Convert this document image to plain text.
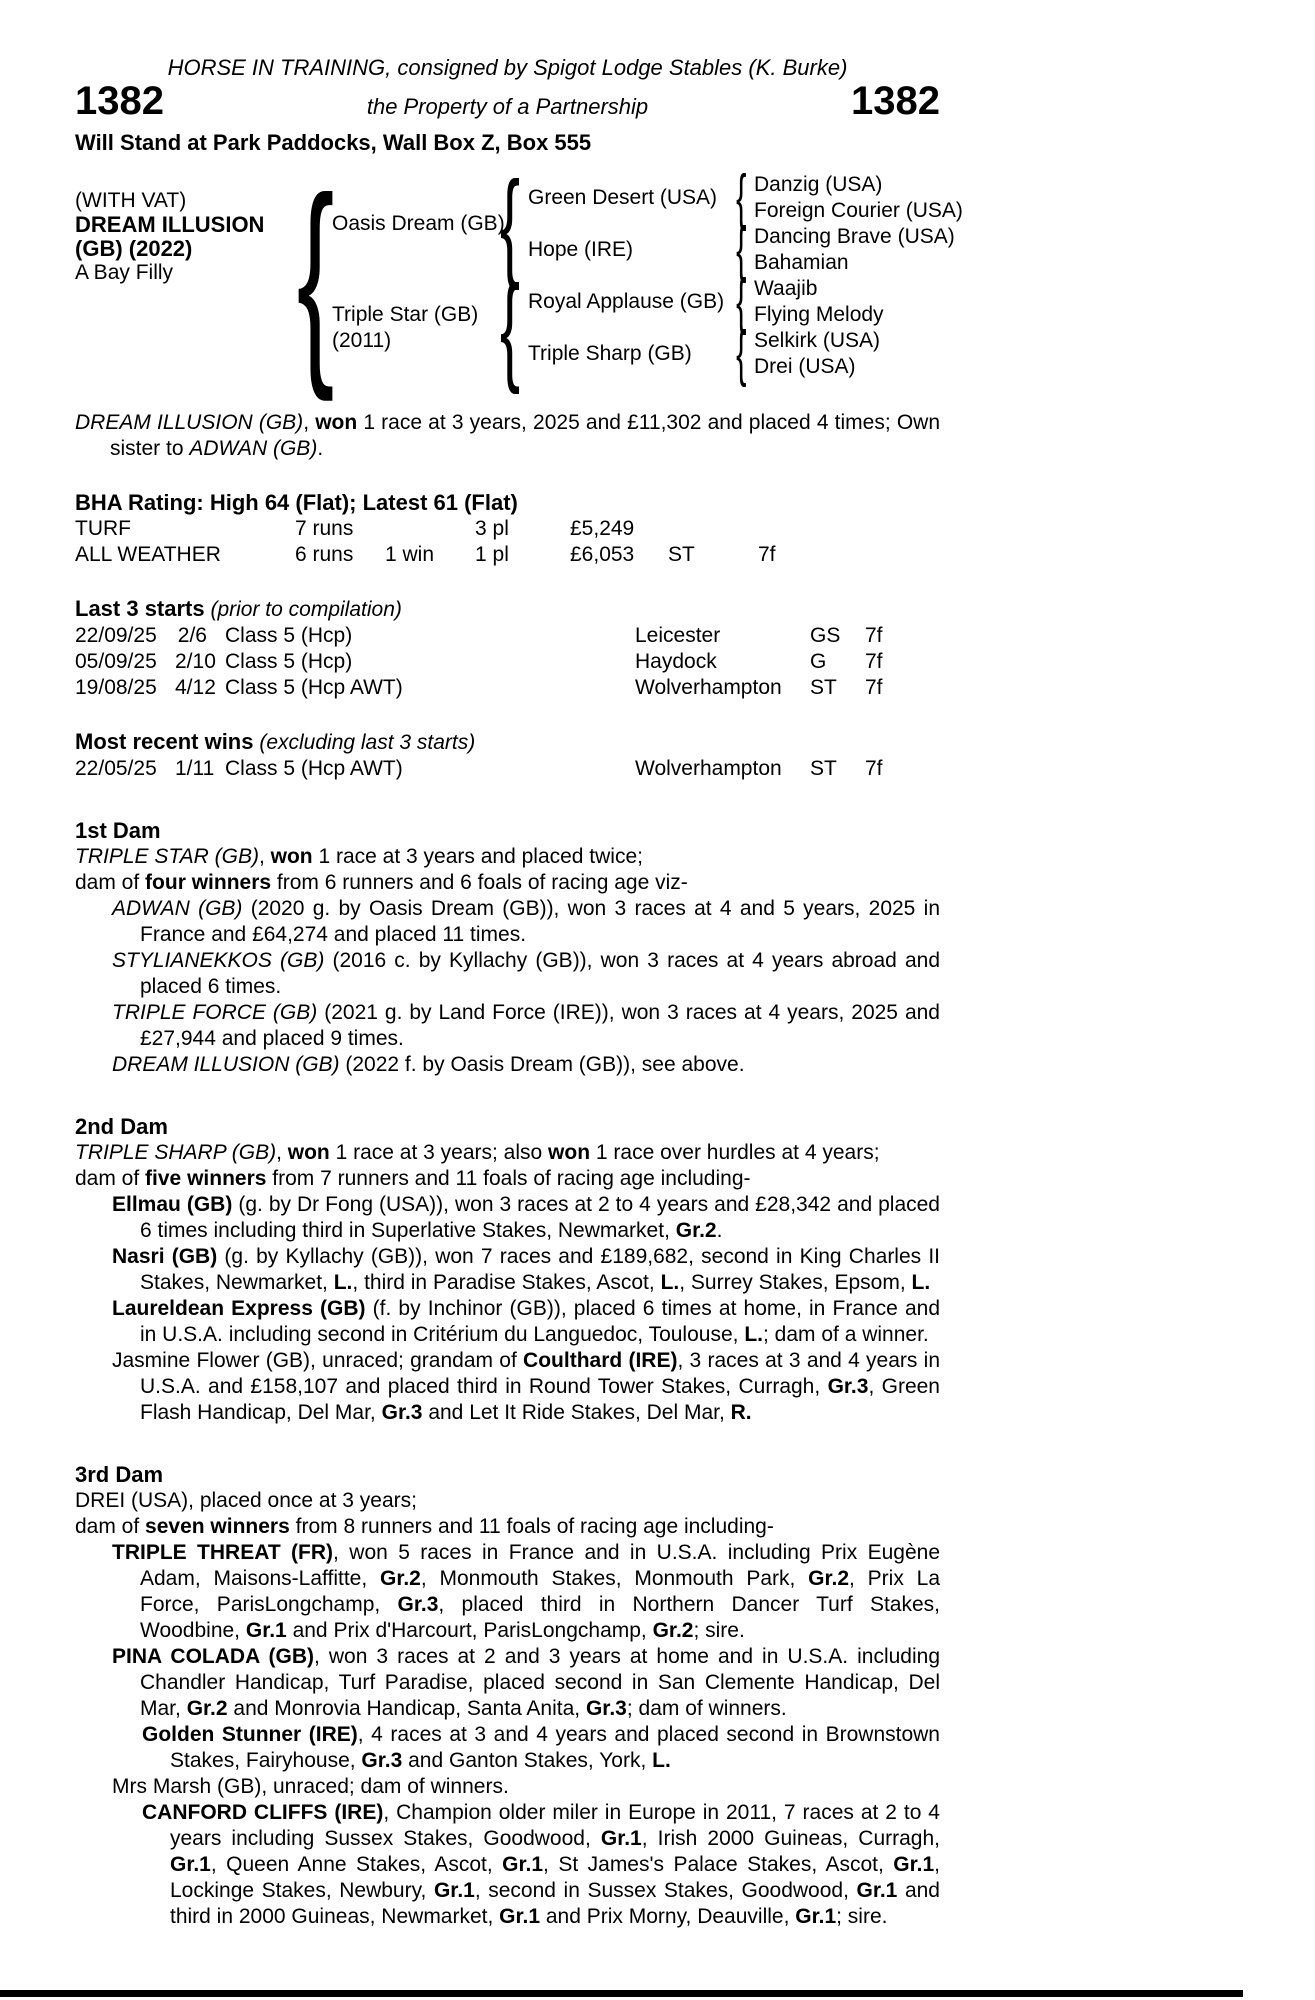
HORSE IN TRAINING, consigned by Spigot Lodge Stables (K. Burke)
1382	the Property of a Partnership	1382
Will Stand at Park Paddocks, Wall Box Z, Box 555
(WITH VAT)
DREAM ILLUSION
(GB) (2022)
A Bay Filly {
Oasis Dream (GB)
Triple Star (GB)
(2011)
{
{
Green Desert (USA)
Hope (IRE)
Royal Applause (GB)
Triple Sharp (GB)
{
{
{
{
Danzig (USA)
Foreign Courier (USA)
Dancing Brave (USA)
Bahamian
Waajib
Flying Melody
Selkirk (USA)
Drei (USA)
DREAM ILLUSION (GB), won 1 race at 3 years, 2025 and £11,302 and placed 4 times; Own sister to ADWAN (GB).
BHA Rating: High 64 (Flat); Latest 61 (Flat)
TURF	7 runs	3 pl	£5,249
ALL WEATHER	6 runs	1 win	1 pl	£6,053	ST	7f
Last 3 starts (prior to compilation)
22/09/25	2/6 Class 5 (Hcp)	Leicester	GS	7f
05/09/25 2/10 Class 5 (Hcp)	Haydock	G	7f
19/08/25 4/12 Class 5 (Hcp AWT)	Wolverhampton	ST	7f
Most recent wins (excluding last 3 starts)
22/05/25 1/11 Class 5 (Hcp AWT)	Wolverhampton	ST	7f
1st Dam
TRIPLE STAR (GB), won 1 race at 3 years and placed twice;
dam of four winners from 6 runners and 6 foals of racing age viz-
ADWAN (GB) (2020 g. by Oasis Dream (GB)), won 3 races at 4 and 5 years, 2025 in France and £64,274 and placed 11 times.
STYLIANEKKOS (GB) (2016 c. by Kyllachy (GB)), won 3 races at 4 years abroad and placed 6 times.
TRIPLE FORCE (GB) (2021 g. by Land Force (IRE)), won 3 races at 4 years, 2025 and £27,944 and placed 9 times.
DREAM ILLUSION (GB) (2022 f. by Oasis Dream (GB)), see above.
2nd Dam
TRIPLE SHARP (GB), won 1 race at 3 years; also won 1 race over hurdles at 4 years;
dam of five winners from 7 runners and 11 foals of racing age including-
Ellmau (GB) (g. by Dr Fong (USA)), won 3 races at 2 to 4 years and £28,342 and placed 6 times including third in Superlative Stakes, Newmarket, Gr.2.
Nasri (GB) (g. by Kyllachy (GB)), won 7 races and £189,682, second in King Charles II Stakes, Newmarket, L., third in Paradise Stakes, Ascot, L., Surrey Stakes, Epsom, L.
Laureldean Express (GB) (f. by Inchinor (GB)), placed 6 times at home, in France and in U.S.A. including second in Critérium du Languedoc, Toulouse, L.; dam of a winner.
Jasmine Flower (GB), unraced; grandam of Coulthard (IRE), 3 races at 3 and 4 years in U.S.A. and £158,107 and placed third in Round Tower Stakes, Curragh, Gr.3, Green Flash Handicap, Del Mar, Gr.3 and Let It Ride Stakes, Del Mar, R.
3rd Dam
DREI (USA), placed once at 3 years;
dam of seven winners from 8 runners and 11 foals of racing age including-
TRIPLE THREAT (FR), won 5 races in France and in U.S.A. including Prix Eugène Adam, Maisons-Laffitte, Gr.2, Monmouth Stakes, Monmouth Park, Gr.2, Prix La Force, ParisLongchamp, Gr.3, placed third in Northern Dancer Turf Stakes, Woodbine, Gr.1 and Prix d'Harcourt, ParisLongchamp, Gr.2; sire.
PINA COLADA (GB), won 3 races at 2 and 3 years at home and in U.S.A. including Chandler Handicap, Turf Paradise, placed second in San Clemente Handicap, Del Mar, Gr.2 and Monrovia Handicap, Santa Anita, Gr.3; dam of winners.
Golden Stunner (IRE), 4 races at 3 and 4 years and placed second in Brownstown Stakes, Fairyhouse, Gr.3 and Ganton Stakes, York, L.
Mrs Marsh (GB), unraced; dam of winners.
CANFORD CLIFFS (IRE), Champion older miler in Europe in 2011, 7 races at 2 to 4 years including Sussex Stakes, Goodwood, Gr.1, Irish 2000 Guineas, Curragh, Gr.1, Queen Anne Stakes, Ascot, Gr.1, St James's Palace Stakes, Ascot, Gr.1, Lockinge Stakes, Newbury, Gr.1, second in Sussex Stakes, Goodwood, Gr.1 and third in 2000 Guineas, Newmarket, Gr.1 and Prix Morny, Deauville, Gr.1; sire.
